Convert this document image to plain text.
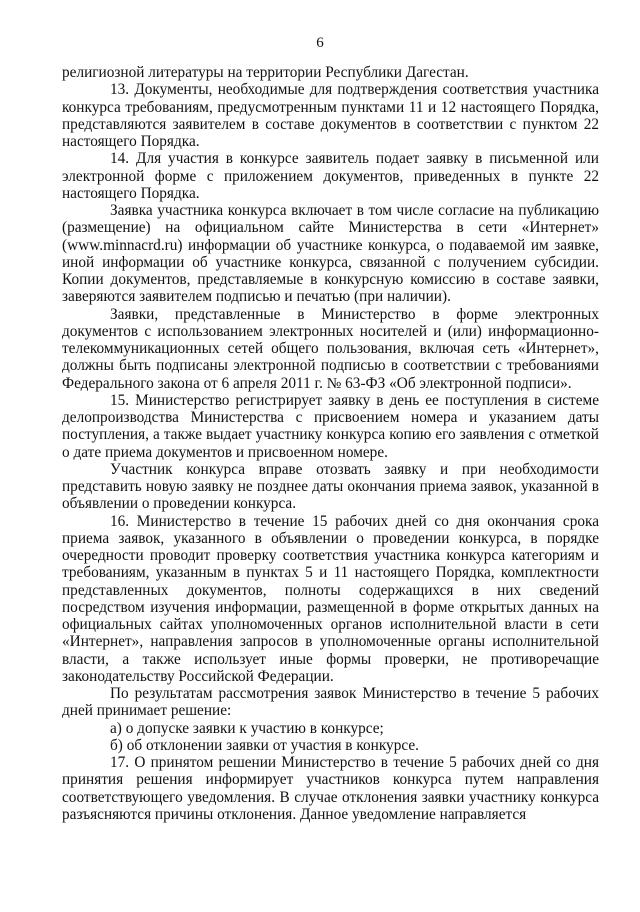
6

религиозной литературы на территории Республики Дагестан.

13. Документы, необходимые для подтверждения соответствия участника конкурса требованиям, предусмотренным пунктами 11 и 12 настоящего Порядка, представляются заявителем в составе документов в соответствии с пунктом 22 настоящего Порядка.

14. Для участия в конкурсе заявитель подает заявку в письменной или электронной форме с приложением документов, приведенных в пункте 22 настоящего Порядка.

Заявка участника конкурса включает в том числе согласие на публикацию (размещение) на официальном сайте Министерства в сети «Интернет» (www.minnacrd.ru) информации об участнике конкурса, о подаваемой им заявке, иной информации об участнике конкурса, связанной с получением субсидии. Копии документов, представляемые в конкурсную комиссию в составе заявки, заверяются заявителем подписью и печатью (при наличии).

Заявки, представленные в Министерство в форме электронных документов с использованием электронных носителей и (или) информационно-телекоммуникационных сетей общего пользования, включая сеть «Интернет», должны быть подписаны электронной подписью в соответствии с требованиями Федерального закона от 6 апреля 2011 г. № 63-ФЗ «Об электронной подписи».

15. Министерство регистрирует заявку в день ее поступления в системе делопроизводства Министерства с присвоением номера и указанием даты поступления, а также выдает участнику конкурса копию его заявления с отметкой о дате приема документов и присвоенном номере.

Участник конкурса вправе отозвать заявку и при необходимости представить новую заявку не позднее даты окончания приема заявок, указанной в объявлении о проведении конкурса.

16. Министерство в течение 15 рабочих дней со дня окончания срока приема заявок, указанного в объявлении о проведении конкурса, в порядке очередности проводит проверку соответствия участника конкурса категориям и требованиям, указанным в пунктах 5 и 11 настоящего Порядка, комплектности представленных документов, полноты содержащихся в них сведений посредством изучения информации, размещенной в форме открытых данных на официальных сайтах уполномоченных органов исполнительной власти в сети «Интернет», направления запросов в уполномоченные органы исполнительной власти, а также использует иные формы проверки, не противоречащие законодательству Российской Федерации.

По результатам рассмотрения заявок Министерство в течение 5 рабочих дней принимает решение:

а) о допуске заявки к участию в конкурсе;

б) об отклонении заявки от участия в конкурсе.

17. О принятом решении Министерство в течение 5 рабочих дней со дня принятия решения информирует участников конкурса путем направления соответствующего уведомления. В случае отклонения заявки участнику конкурса разъясняются причины отклонения. Данное уведомление направляется
